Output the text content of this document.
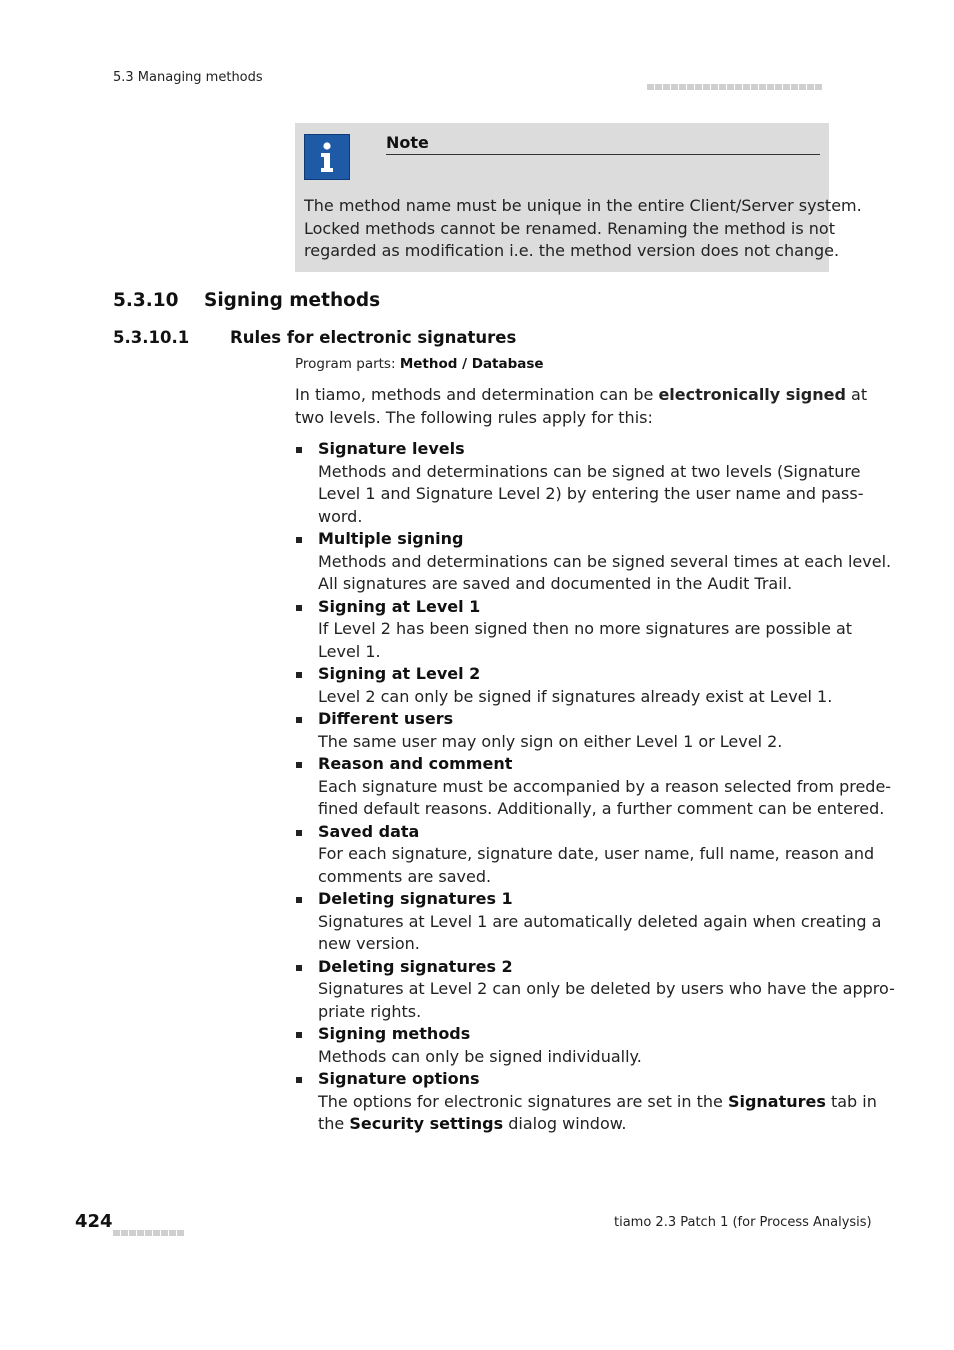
5.3 Managing methods
Note
The method name must be unique in the entire Client/Server system.
Locked methods cannot be renamed. Renaming the method is not
regarded as modification i.e. the method version does not change.
5.3.10 Signing methods
5.3.10.1 Rules for electronic signatures
Program parts: Method / Database
In tiamo, methods and determination can be electronically signed at
two levels. The following rules apply for this:
Signature levels
Methods and determinations can be signed at two levels (Signature
Level 1 and Signature Level 2) by entering the user name and pass-
word.
Multiple signing
Methods and determinations can be signed several times at each level.
All signatures are saved and documented in the Audit Trail.
Signing at Level 1
If Level 2 has been signed then no more signatures are possible at
Level 1.
Signing at Level 2
Level 2 can only be signed if signatures already exist at Level 1.
Different users
The same user may only sign on either Level 1 or Level 2.
Reason and comment
Each signature must be accompanied by a reason selected from prede-
fined default reasons. Additionally, a further comment can be entered.
Saved data
For each signature, signature date, user name, full name, reason and
comments are saved.
Deleting signatures 1
Signatures at Level 1 are automatically deleted again when creating a
new version.
Deleting signatures 2
Signatures at Level 2 can only be deleted by users who have the appro-
priate rights.
Signing methods
Methods can only be signed individually.
Signature options
The options for electronic signatures are set in the Signatures tab in
the Security settings dialog window.
424	tiamo 2.3 Patch 1 (for Process Analysis)
